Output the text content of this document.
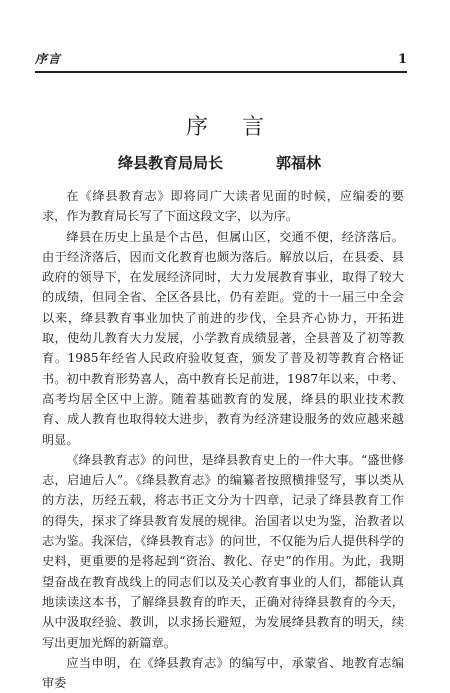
序言	1
序言
绛县教育局局长	郭福林

在《绛县教育志》即将同广大读者见面的时候，应编委的要求，作为教育局长写了下面这段文字，以为序。

绛县在历史上虽是个古邑，但属山区，交通不便，经济落后。由于经济落后，因而文化教育也颇为落后。解放以后，在县委、县政府的领导下，在发展经济同时，大力发展教育事业，取得了较大的成绩，但同全省、全区各县比，仍有差距。党的十一届三中全会以来，绛县教育事业加快了前进的步伐，全县齐心协力，开拓进取，使幼儿教育大力发展，小学教育成绩显著，全县普及了初等教育。1985年经省人民政府验收复查，颁发了普及初等教育合格证书。初中教育形势喜人，高中教育长足前进，1987年以来，中考、高考均居全区中上游。随着基础教育的发展，绛县的职业技术教育、成人教育也取得较大进步，教育为经济建设服务的效应越来越明显。

《绛县教育志》的问世，是绛县教育史上的一件大事。“盛世修志，启迪后人”。《绛县教育志》的编纂者按照横排竖写，事以类从的方法，历经五载，将志书正文分为十四章，记录了绛县教育工作的得失，探求了绛县教育发展的规律。治国者以史为鉴，治教者以志为鉴。我深信，《绛县教育志》的问世，不仅能为后人提供科学的史料，更重要的是将起到“资治、教化、存史”的作用。为此，我期望奋战在教育战线上的同志们以及关心教育事业的人们，都能认真地读读这本书，了解绛县教育的昨天，正确对待绛县教育的今天，从中汲取经验、教训，以求扬长避短，为发展绛县教育的明天，续写出更加光辉的新篇章。

应当申明，在《绛县教育志》的编写中，承蒙省、地教育志编审委
